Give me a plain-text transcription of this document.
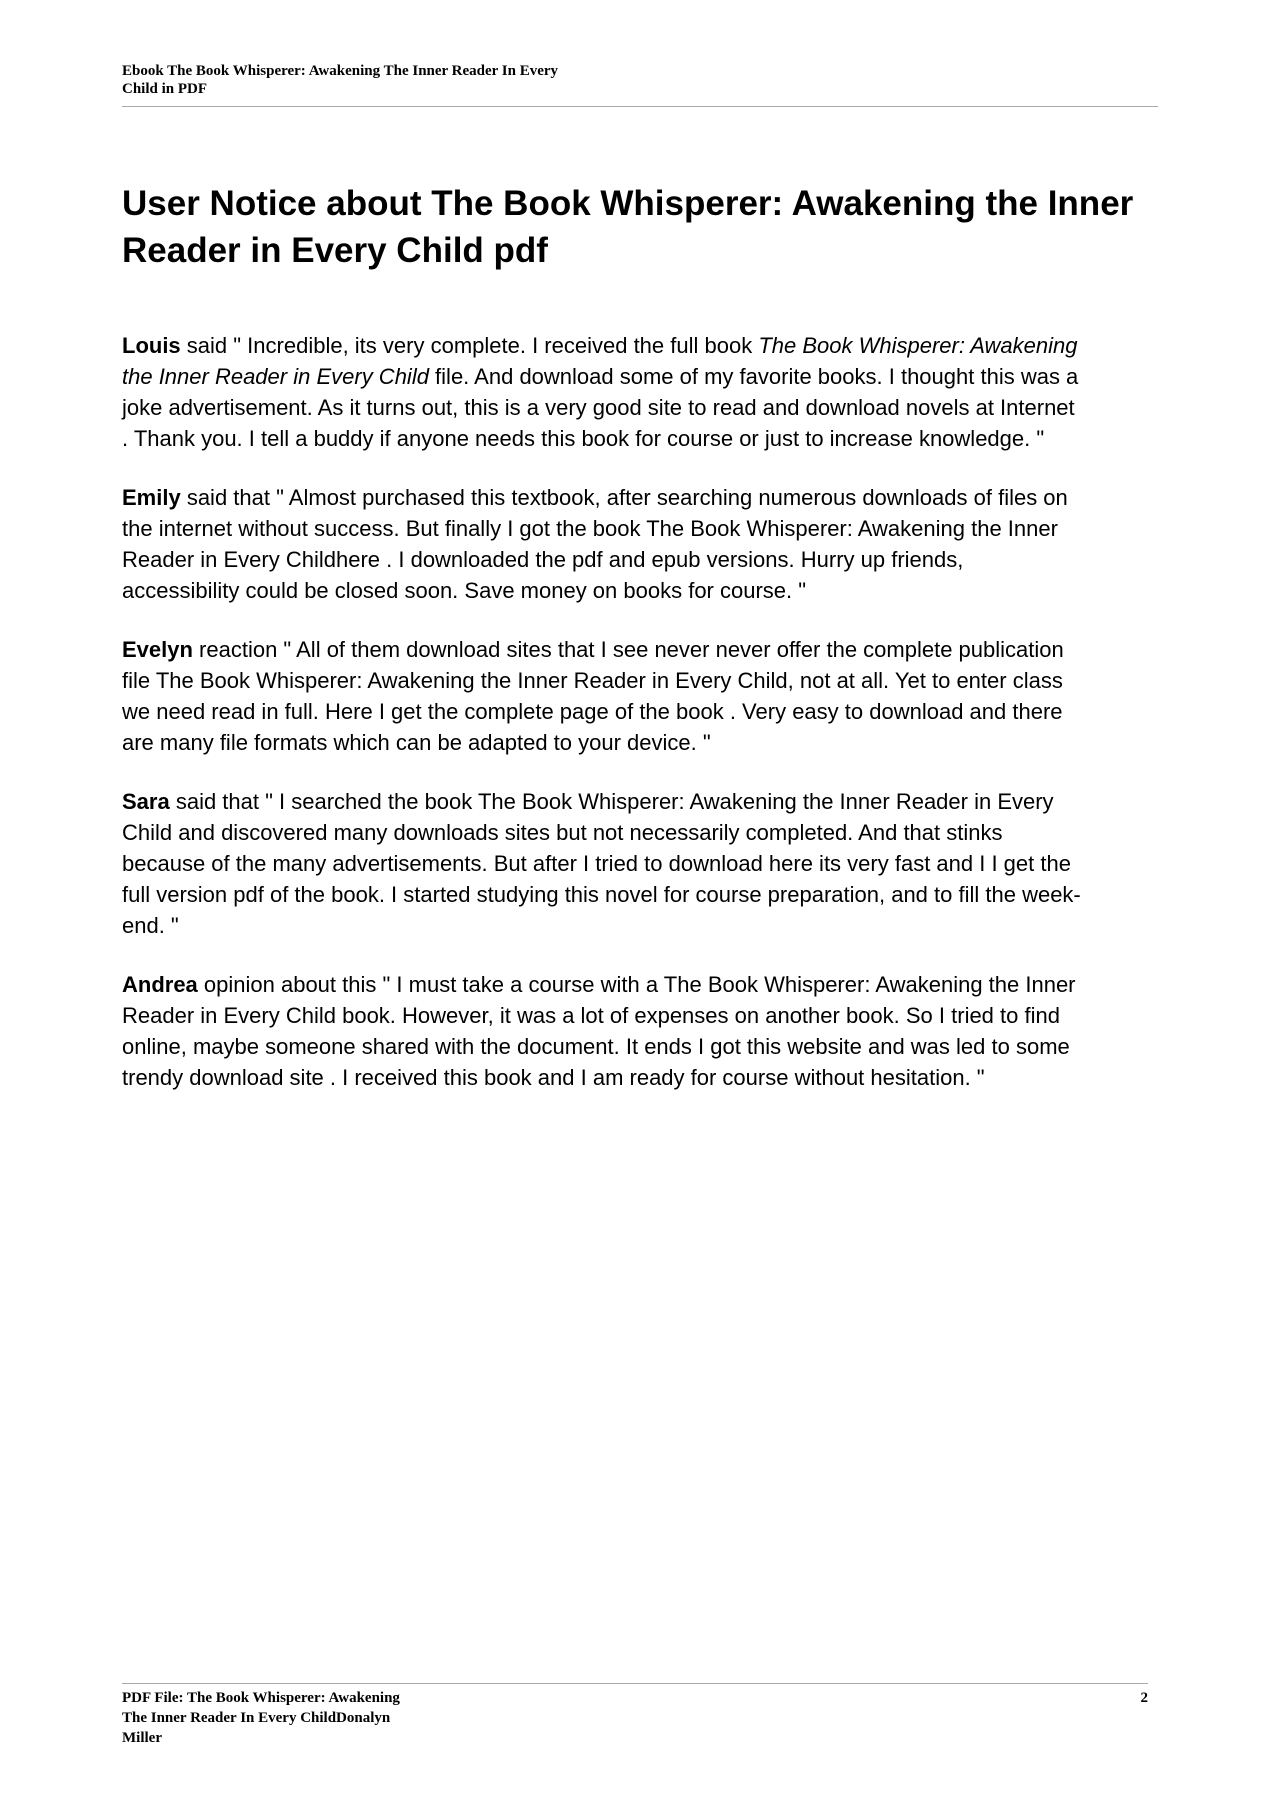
Ebook The Book Whisperer: Awakening The Inner Reader In Every
Child in PDF
User Notice about The Book Whisperer: Awakening the Inner
Reader in Every Child pdf
Louis said " Incredible, its very complete. I received the full book The Book Whisperer: Awakening
the Inner Reader in Every Child file. And download some of my favorite books. I thought this was a
joke advertisement. As it turns out, this is a very good site to read and download novels at Internet
. Thank you. I tell a buddy if anyone needs this book for course or just to increase knowledge. "
Emily said that " Almost purchased this textbook, after searching numerous downloads of files on
the internet without success. But finally I got the book The Book Whisperer: Awakening the Inner
Reader in Every Childhere . I downloaded the pdf and epub versions. Hurry up friends,
accessibility could be closed soon. Save money on books for course. "
Evelyn reaction " All of them download sites that I see never never offer the complete publication
file The Book Whisperer: Awakening the Inner Reader in Every Child, not at all. Yet to enter class
we need read in full. Here I get the complete page of the book . Very easy to download and there
are many file formats which can be adapted to your device. "
Sara said that " I searched the book The Book Whisperer: Awakening the Inner Reader in Every
Child and discovered many downloads sites but not necessarily completed. And that stinks
because of the many advertisements. But after I tried to download here its very fast and I I get the
full version pdf of the book. I started studying this novel for course preparation, and to fill the week-
end. "
Andrea opinion about this " I must take a course with a The Book Whisperer: Awakening the Inner
Reader in Every Child book. However, it was a lot of expenses on another book. So I tried to find
online, maybe someone shared with the document. It ends I got this website and was led to some
trendy download site . I received this book and I am ready for course without hesitation. "
PDF File: The Book Whisperer: Awakening
The Inner Reader In Every ChildDonalyn
Miller
2
